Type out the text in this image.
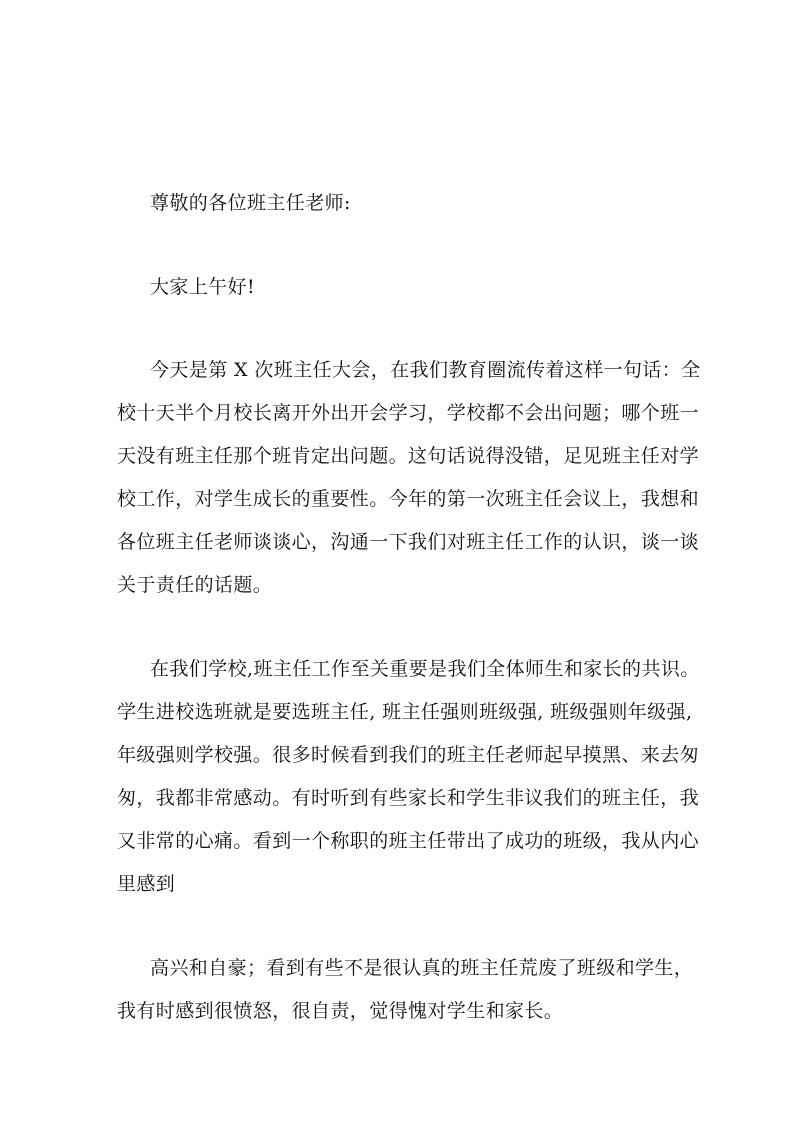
尊敬的各位班主任老师:
大家上午好!
今天是第 X 次班主任大会，在我们教育圈流传着这样一句话：全
校十天半个月校长离开外出开会学习，学校都不会出问题；哪个班一
天没有班主任那个班肯定出问题。这句话说得没错，足见班主任对学
校工作，对学生成长的重要性。今年的第一次班主任会议上，我想和
各位班主任老师谈谈心，沟通一下我们对班主任工作的认识，谈一谈
关于责任的话题。
在我们学校,班主任工作至关重要是我们全体师生和家长的共识。
学生进校选班就是要选班主任, 班主任强则班级强, 班级强则年级强,
年级强则学校强。很多时候看到我们的班主任老师起早摸黑、来去匆
匆，我都非常感动。有时听到有些家长和学生非议我们的班主任，我
又非常的心痛。看到一个称职的班主任带出了成功的班级，我从内心
里感到
高兴和自豪；看到有些不是很认真的班主任荒废了班级和学生，
我有时感到很愤怒，很自责，觉得愧对学生和家长。
